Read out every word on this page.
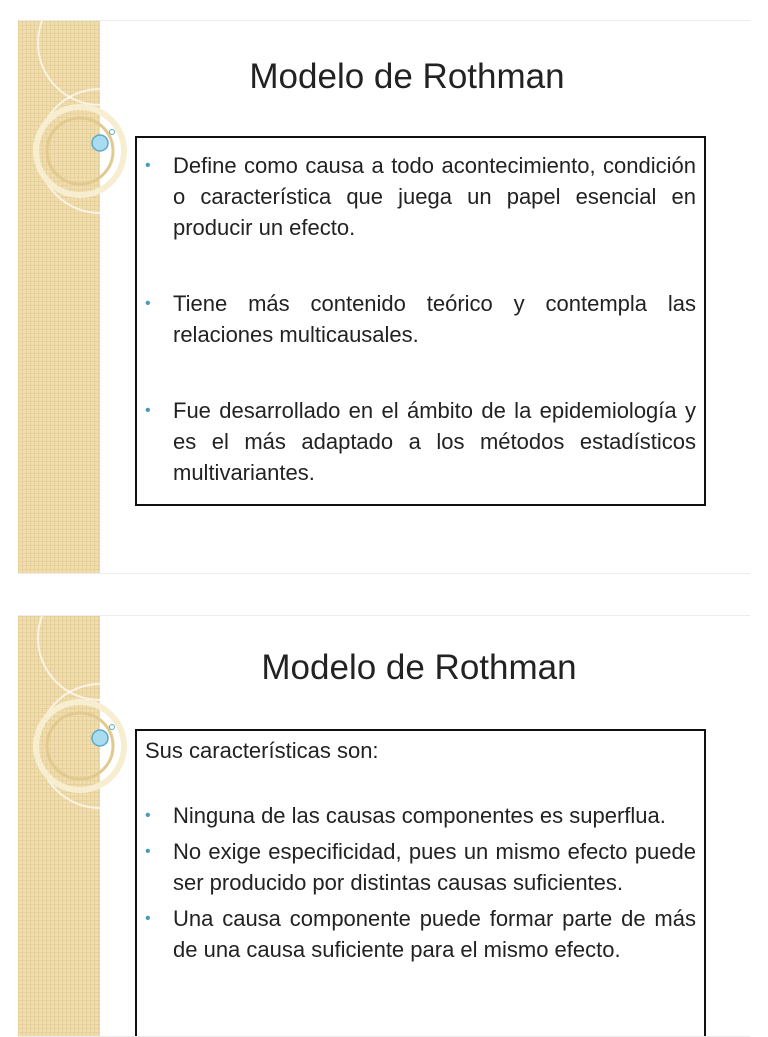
Modelo de Rothman
• Define como causa a todo acontecimiento, condición o característica que juega un papel esencial en producir un efecto.
• Tiene más contenido teórico y contempla las relaciones multicausales.
• Fue desarrollado en el ámbito de la epidemiología y es el más adaptado a los métodos estadísticos multivariantes.
Modelo de Rothman

Sus características son:

• Ninguna de las causas componentes es superflua.
• No exige especificidad, pues un mismo efecto puede ser producido por distintas causas suficientes.
• Una causa componente puede formar parte de más de una causa suficiente para el mismo efecto.
